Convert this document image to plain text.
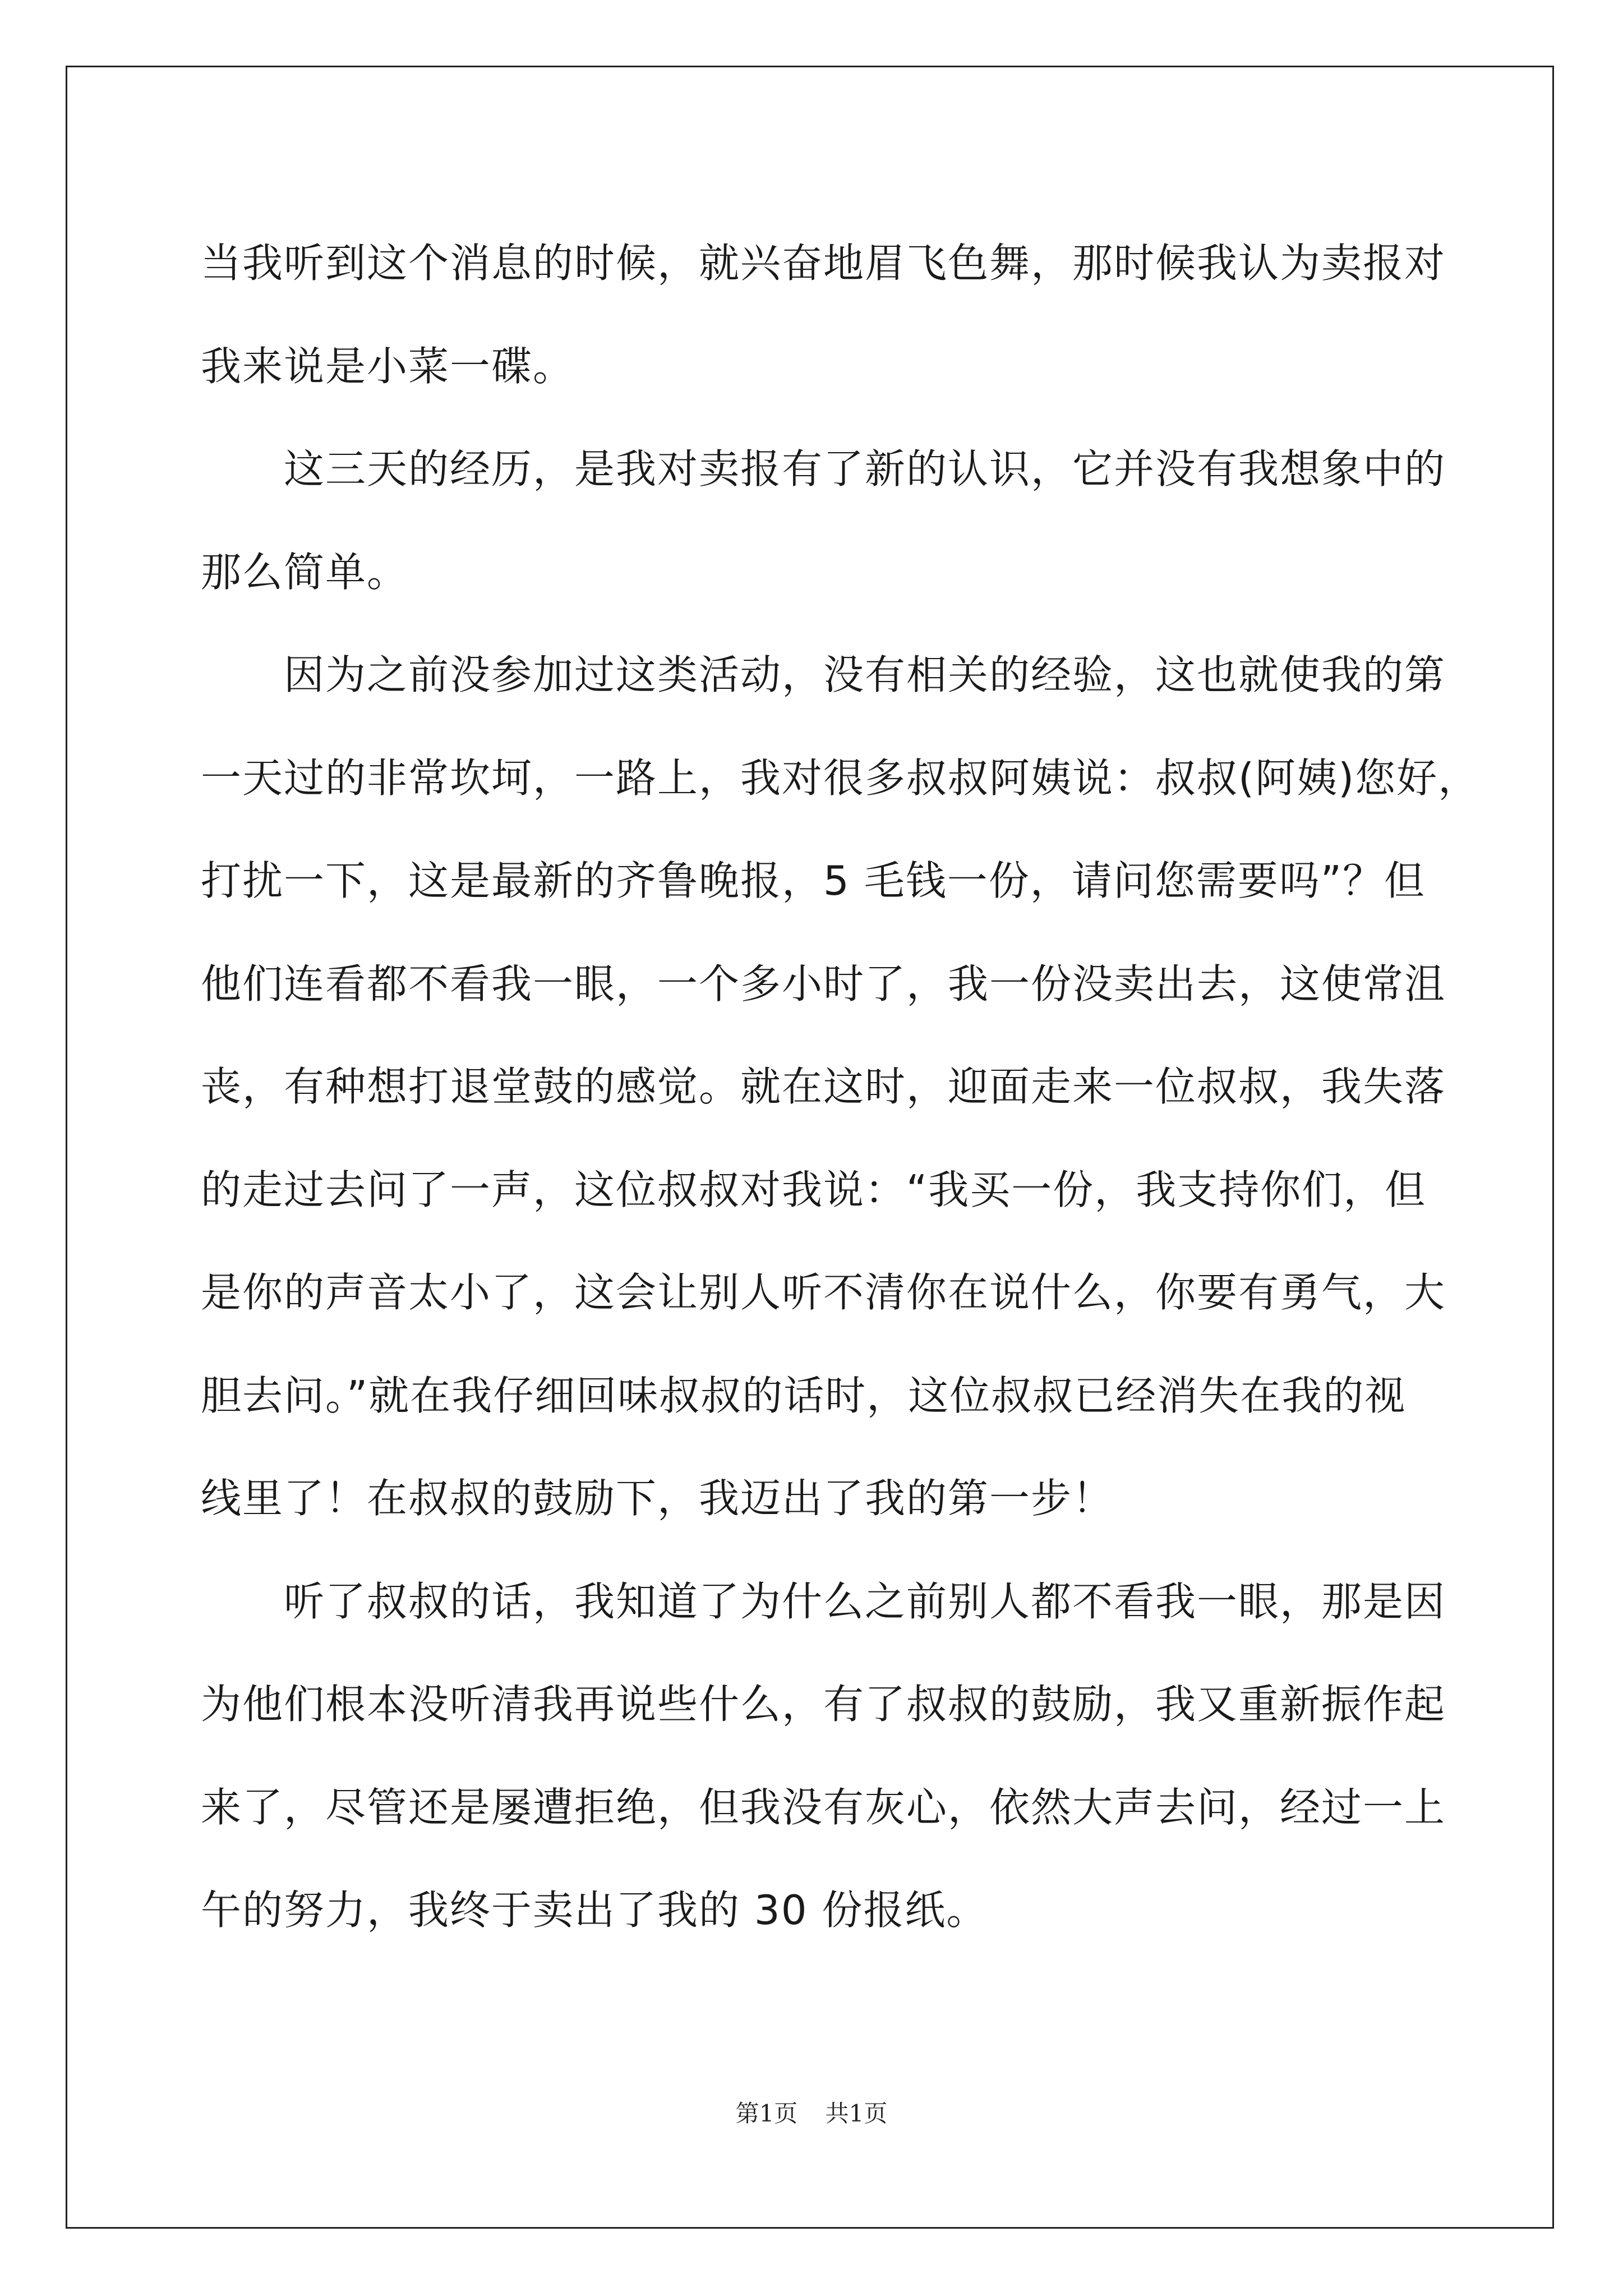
当我听到这个消息的时候，就兴奋地眉飞色舞，那时候我认为卖报对
我来说是小菜一碟。
这三天的经历，是我对卖报有了新的认识，它并没有我想象中的
那么简单。
因为之前没参加过这类活动，没有相关的经验，这也就使我的第
一天过的非常坎坷，一路上，我对很多叔叔阿姨说：叔叔(阿姨)您好，
打扰一下，这是最新的齐鲁晚报，5 毛钱一份，请问您需要吗”？但
他们连看都不看我一眼，一个多小时了，我一份没卖出去，这使常沮
丧，有种想打退堂鼓的感觉。就在这时，迎面走来一位叔叔，我失落
的走过去问了一声，这位叔叔对我说：“我买一份，我支持你们，但
是你的声音太小了，这会让别人听不清你在说什么，你要有勇气，大
胆去问。”就在我仔细回味叔叔的话时，这位叔叔已经消失在我的视
线里了！在叔叔的鼓励下，我迈出了我的第一步！
听了叔叔的话，我知道了为什么之前别人都不看我一眼，那是因
为他们根本没听清我再说些什么，有了叔叔的鼓励，我又重新振作起
来了，尽管还是屡遭拒绝，但我没有灰心，依然大声去问，经过一上
午的努力，我终于卖出了我的 30 份报纸。
第1页 共1页
